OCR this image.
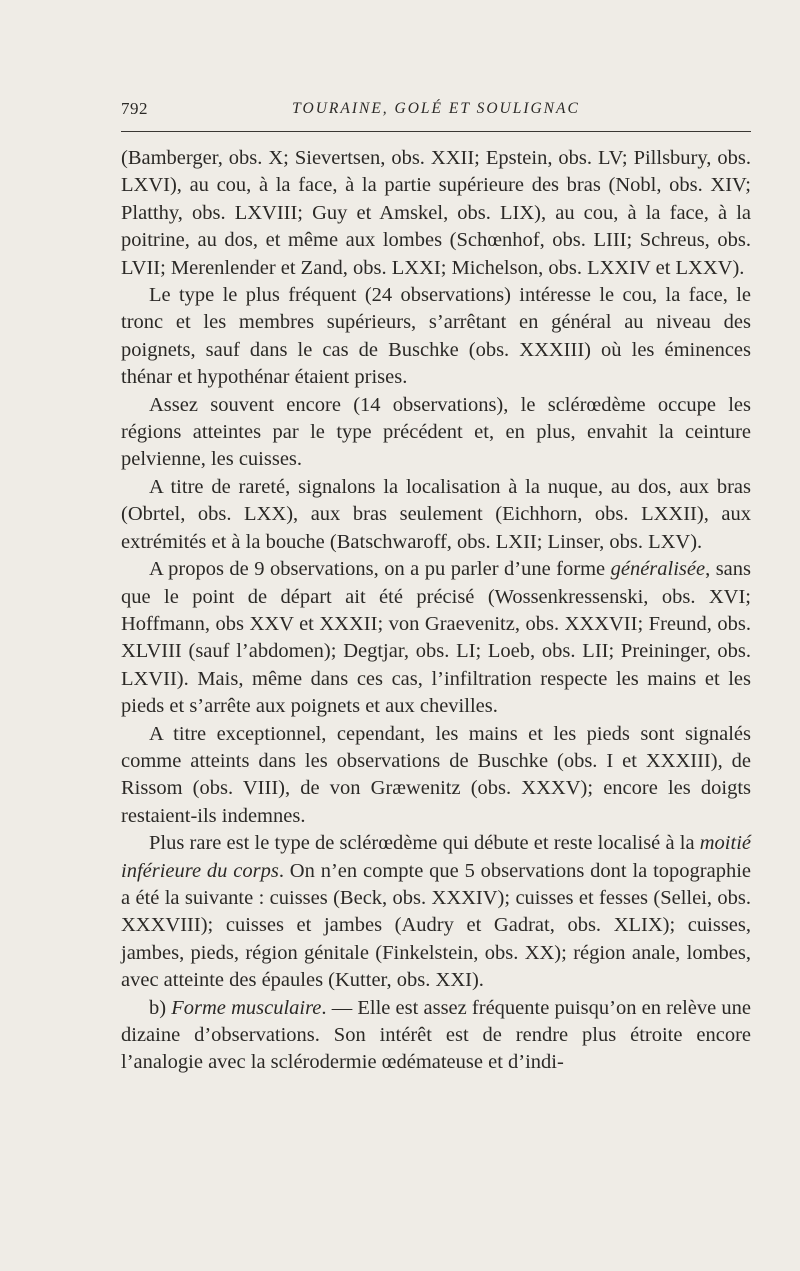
792	TOURAINE, GOLÉ ET SOULIGNAC

(Bamberger, obs. X; Sievertsen, obs. XXII; Epstein, obs. LV; Pillsbury, obs. LXVI), au cou, à la face, à la partie supérieure des bras (Nobl, obs. XIV; Platthy, obs. LXVIII; Guy et Amskel, obs. LIX), au cou, à la face, à la poitrine, au dos, et même aux lombes (Schœnhof, obs. LIII; Schreus, obs. LVII; Merenlender et Zand, obs. LXXI; Michelson, obs. LXXIV et LXXV).

Le type le plus fréquent (24 observations) intéresse le cou, la face, le tronc et les membres supérieurs, s’arrêtant en général au niveau des poignets, sauf dans le cas de Buschke (obs. XXXIII) où les éminences thénar et hypothénar étaient prises.

Assez souvent encore (14 observations), le sclérœdème occupe les régions atteintes par le type précédent et, en plus, envahit la ceinture pelvienne, les cuisses.

A titre de rareté, signalons la localisation à la nuque, au dos, aux bras (Obrtel, obs. LXX), aux bras seulement (Eichhorn, obs. LXXII), aux extrémités et à la bouche (Batschwaroff, obs. LXII; Linser, obs. LXV).

A propos de 9 observations, on a pu parler d’une forme généralisée, sans que le point de départ ait été précisé (Wossenkressenski, obs. XVI; Hoffmann, obs XXV et XXXII; von Graevenitz, obs. XXXVII; Freund, obs. XLVIII (sauf l’abdomen); Degtjar, obs. LI; Loeb, obs. LII; Preininger, obs. LXVII). Mais, même dans ces cas, l’infiltration respecte les mains et les pieds et s’arrête aux poignets et aux chevilles.

A titre exceptionnel, cependant, les mains et les pieds sont signalés comme atteints dans les observations de Buschke (obs. I et XXXIII), de Rissom (obs. VIII), de von Græwenitz (obs. XXXV); encore les doigts restaient-ils indemnes.

Plus rare est le type de sclérœdème qui débute et reste localisé à la moitié inférieure du corps. On n’en compte que 5 observations dont la topographie a été la suivante : cuisses (Beck, obs. XXXIV); cuisses et fesses (Sellei, obs. XXXVIII); cuisses et jambes (Audry et Gadrat, obs. XLIX); cuisses, jambes, pieds, région génitale (Finkelstein, obs. XX); région anale, lombes, avec atteinte des épaules (Kutter, obs. XXI).

b) Forme musculaire. — Elle est assez fréquente puisqu’on en relève une dizaine d’observations. Son intérêt est de rendre plus étroite encore l’analogie avec la sclérodermie œdémateuse et d’indi-
